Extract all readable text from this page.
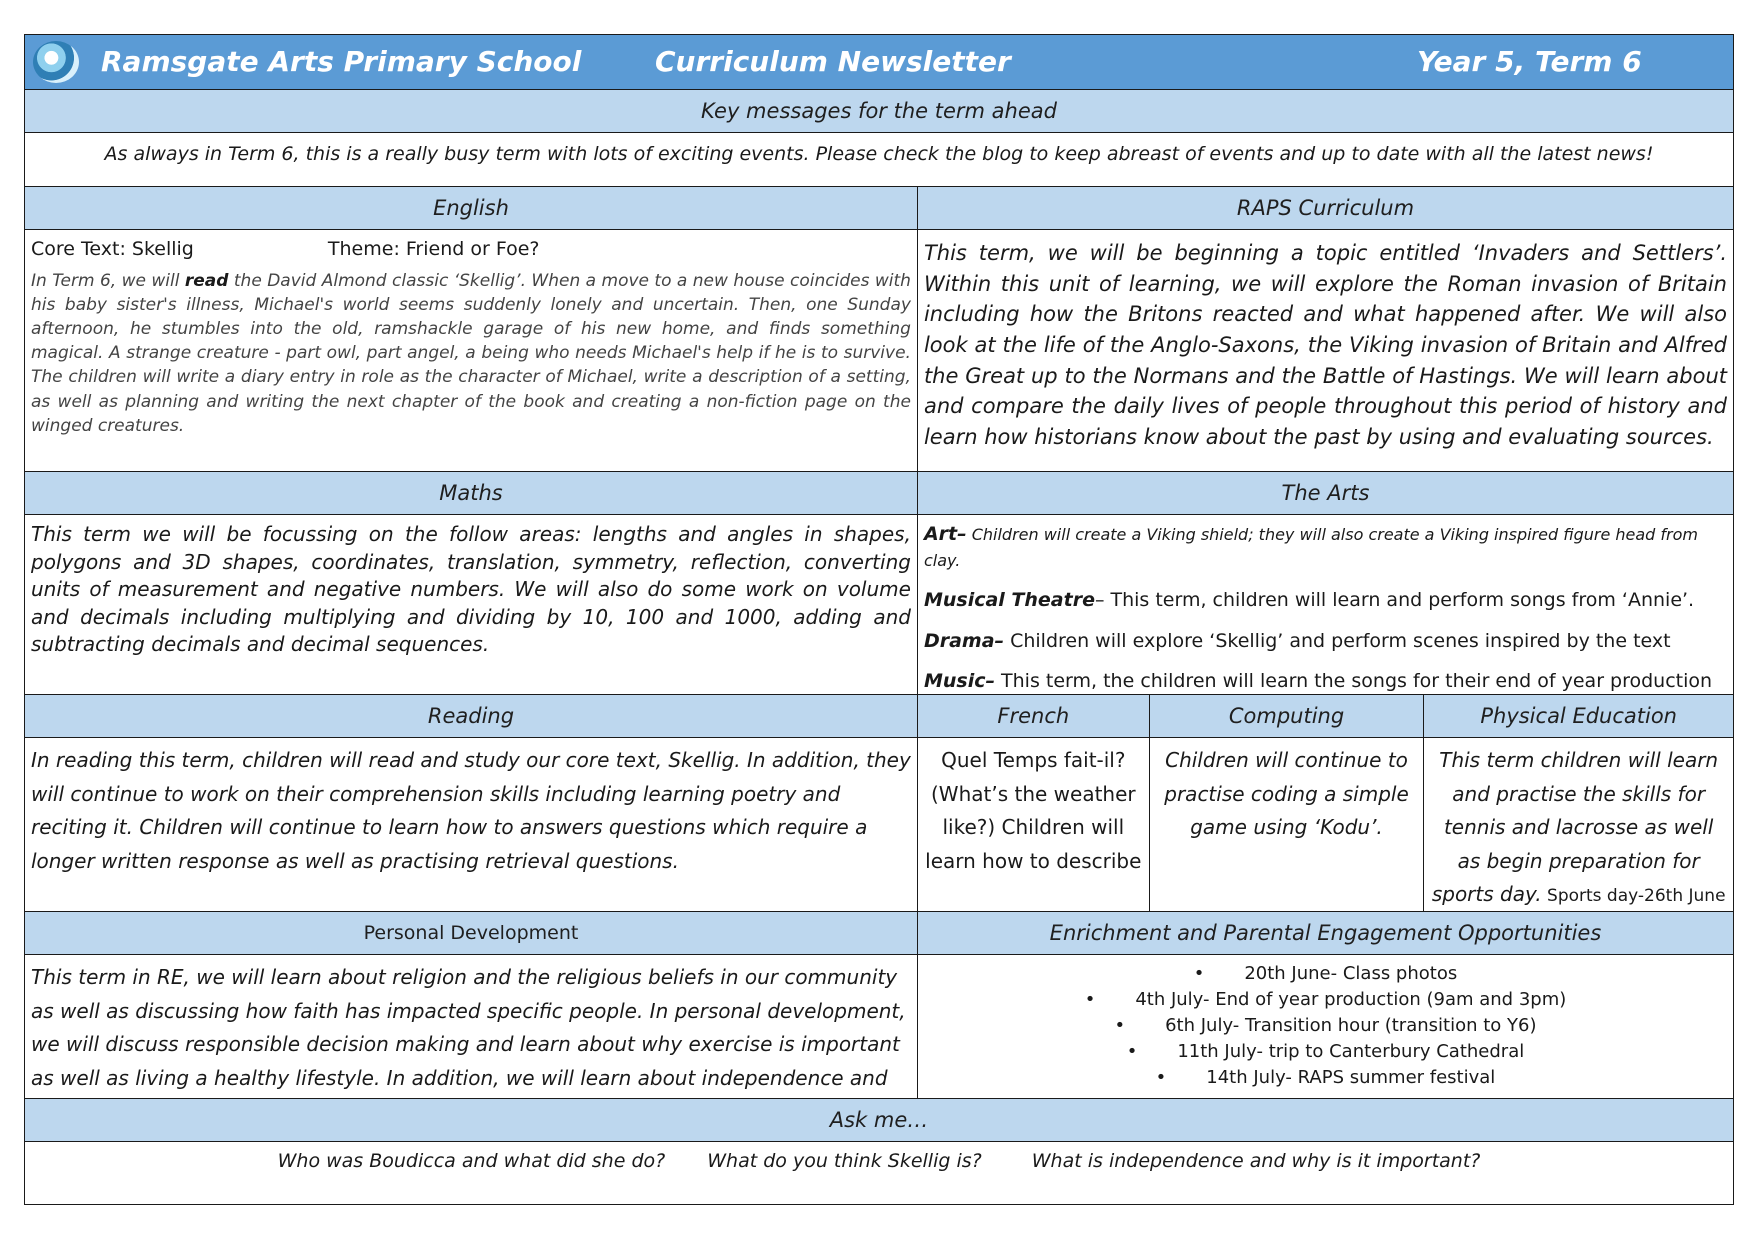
Ramsgate Arts Primary School	Curriculum Newsletter	Year 5, Term 6
Key messages for the term ahead
As always in Term 6, this is a really busy term with lots of exciting events. Please check the blog to keep abreast of events and up to date with all the latest news!
English	RAPS Curriculum
Core Text: Skellig	Theme: Friend or Foe?
In Term 6, we will read the David Almond classic ‘Skellig’. When a move to a new house coincides with his baby sister's illness, Michael's world seems suddenly lonely and uncertain. Then, one Sunday afternoon, he stumbles into the old, ramshackle garage of his new home, and finds something magical. A strange creature - part owl, part angel, a being who needs Michael's help if he is to survive. The children will write a diary entry in role as the character of Michael, write a description of a setting, as well as planning and writing the next chapter of the book and creating a non-fiction page on the winged creatures.
This term, we will be beginning a topic entitled ‘Invaders and Settlers’. Within this unit of learning, we will explore the Roman invasion of Britain including how the Britons reacted and what happened after. We will also look at the life of the Anglo-Saxons, the Viking invasion of Britain and Alfred the Great up to the Normans and the Battle of Hastings. We will learn about and compare the daily lives of people throughout this period of history and learn how historians know about the past by using and evaluating sources.
Maths	The Arts
This term we will be focussing on the follow areas: lengths and angles in shapes, polygons and 3D shapes, coordinates, translation, symmetry, reflection, converting units of measurement and negative numbers. We will also do some work on volume and decimals including multiplying and dividing by 10, 100 and 1000, adding and subtracting decimals and decimal sequences.

Art– Children will create a Viking shield; they will also create a Viking inspired figure head from clay.

Musical Theatre– This term, children will learn and perform songs from ‘Annie’.

Drama– Children will explore ‘Skellig’ and perform scenes inspired by the text

Music– This term, the children will learn the songs for their end of year production

Reading	French	Computing	Physical Education
In reading this term, children will read and study our core text, Skellig. In addition, they will continue to work on their comprehension skills including learning poetry and reciting it. Children will continue to learn how to answers questions which require a longer written response as well as practising retrieval questions.
Quel Temps fait-il? (What’s the weather like?) Children will learn how to describe
Children will continue to practise coding a simple game using ‘Kodu’.
This term children will learn and practise the skills for tennis and lacrosse as well as begin preparation for sports day. Sports day-26th June
Personal Development	Enrichment and Parental Engagement Opportunities
This term in RE, we will learn about religion and the religious beliefs in our community as well as discussing how faith has impacted specific people. In personal development, we will discuss responsible decision making and learn about why exercise is important as well as living a healthy lifestyle. In addition, we will learn about independence and
• 20th June- Class photos
• 4th July- End of year production (9am and 3pm)
• 6th July- Transition hour (transition to Y6)
• 11th July- trip to Canterbury Cathedral
• 14th July- RAPS summer festival
Ask me…
Who was Boudicca and what did she do? What do you think Skellig is?	What is independence and why is it important?
